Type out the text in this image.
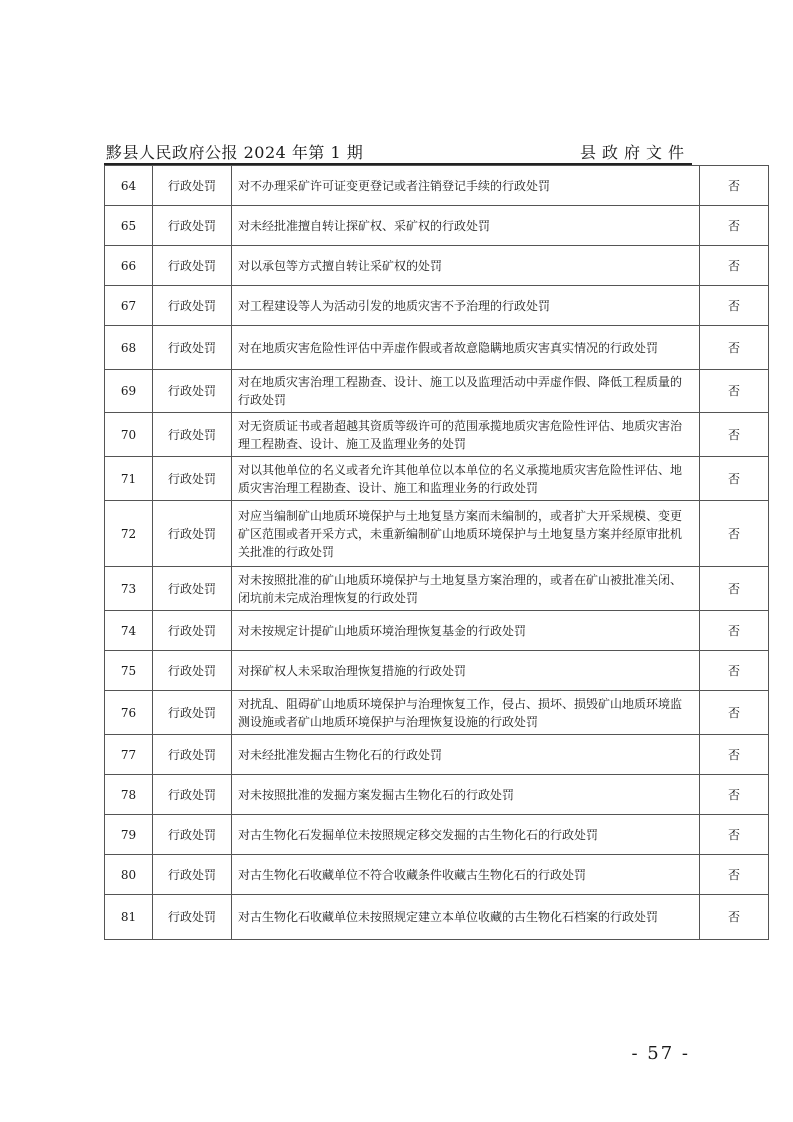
黟县人民政府公报 2024 年第 1 期	县政府文件
64	行政处罚	对不办理采矿许可证变更登记或者注销登记手续的行政处罚	否
65	行政处罚	对未经批准擅自转让探矿权、采矿权的行政处罚	否
66	行政处罚	对以承包等方式擅自转让采矿权的处罚	否
67	行政处罚	对工程建设等人为活动引发的地质灾害不予治理的行政处罚	否
68	行政处罚	对在地质灾害危险性评估中弄虚作假或者故意隐瞒地质灾害真实情况的行政处罚	否
69	行政处罚	对在地质灾害治理工程勘查、设计、施工以及监理活动中弄虚作假、降低工程质量的行政处罚	否
70	行政处罚	对无资质证书或者超越其资质等级许可的范围承揽地质灾害危险性评估、地质灾害治理工程勘查、设计、施工及监理业务的处罚	否
71	行政处罚	对以其他单位的名义或者允许其他单位以本单位的名义承揽地质灾害危险性评估、地质灾害治理工程勘查、设计、施工和监理业务的行政处罚	否
72	行政处罚	对应当编制矿山地质环境保护与土地复垦方案而未编制的，或者扩大开采规模、变更矿区范围或者开采方式，未重新编制矿山地质环境保护与土地复垦方案并经原审批机关批准的行政处罚	否
73	行政处罚	对未按照批准的矿山地质环境保护与土地复垦方案治理的，或者在矿山被批准关闭、闭坑前未完成治理恢复的行政处罚	否
74	行政处罚	对未按规定计提矿山地质环境治理恢复基金的行政处罚	否
75	行政处罚	对探矿权人未采取治理恢复措施的行政处罚	否
76	行政处罚	对扰乱、阻碍矿山地质环境保护与治理恢复工作，侵占、损坏、损毁矿山地质环境监测设施或者矿山地质环境保护与治理恢复设施的行政处罚	否
77	行政处罚	对未经批准发掘古生物化石的行政处罚	否
78	行政处罚	对未按照批准的发掘方案发掘古生物化石的行政处罚	否
79	行政处罚	对古生物化石发掘单位未按照规定移交发掘的古生物化石的行政处罚	否
80	行政处罚	对古生物化石收藏单位不符合收藏条件收藏古生物化石的行政处罚	否
81	行政处罚	对古生物化石收藏单位未按照规定建立本单位收藏的古生物化石档案的行政处罚	否
- 57 -
